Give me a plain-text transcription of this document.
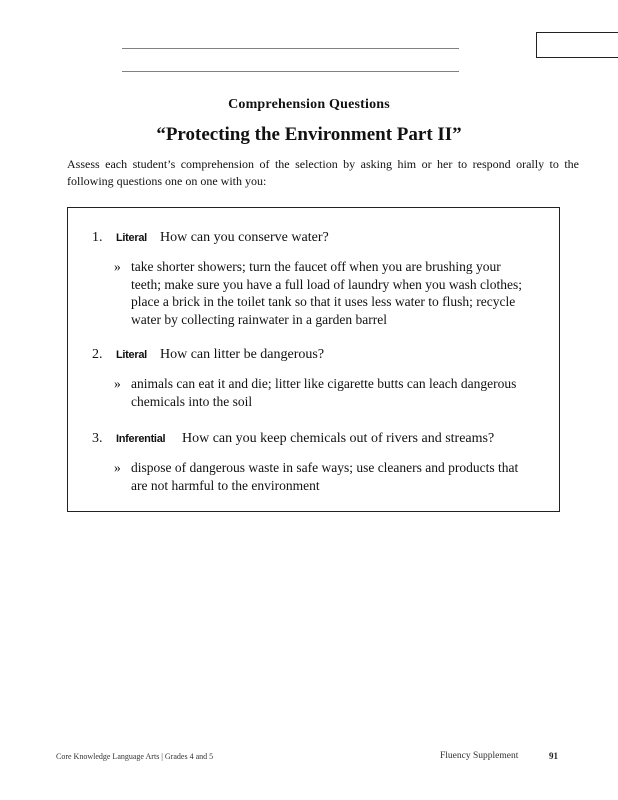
Comprehension Questions
“Protecting the Environment Part II”
Assess each student’s comprehension of the selection by asking him or her to respond orally to the following questions one on one with you:
1. Literal How can you conserve water?
» take shorter showers; turn the faucet off when you are brushing your teeth; make sure you have a full load of laundry when you wash clothes; place a brick in the toilet tank so that it uses less water to flush; recycle water by collecting rainwater in a garden barrel
2. Literal How can litter be dangerous?
» animals can eat it and die; litter like cigarette butts can leach dangerous chemicals into the soil
3. Inferential How can you keep chemicals out of rivers and streams?
» dispose of dangerous waste in safe ways; use cleaners and products that are not harmful to the environment
Core Knowledge Language Arts | Grades 4 and 5	Fluency Supplement	91
